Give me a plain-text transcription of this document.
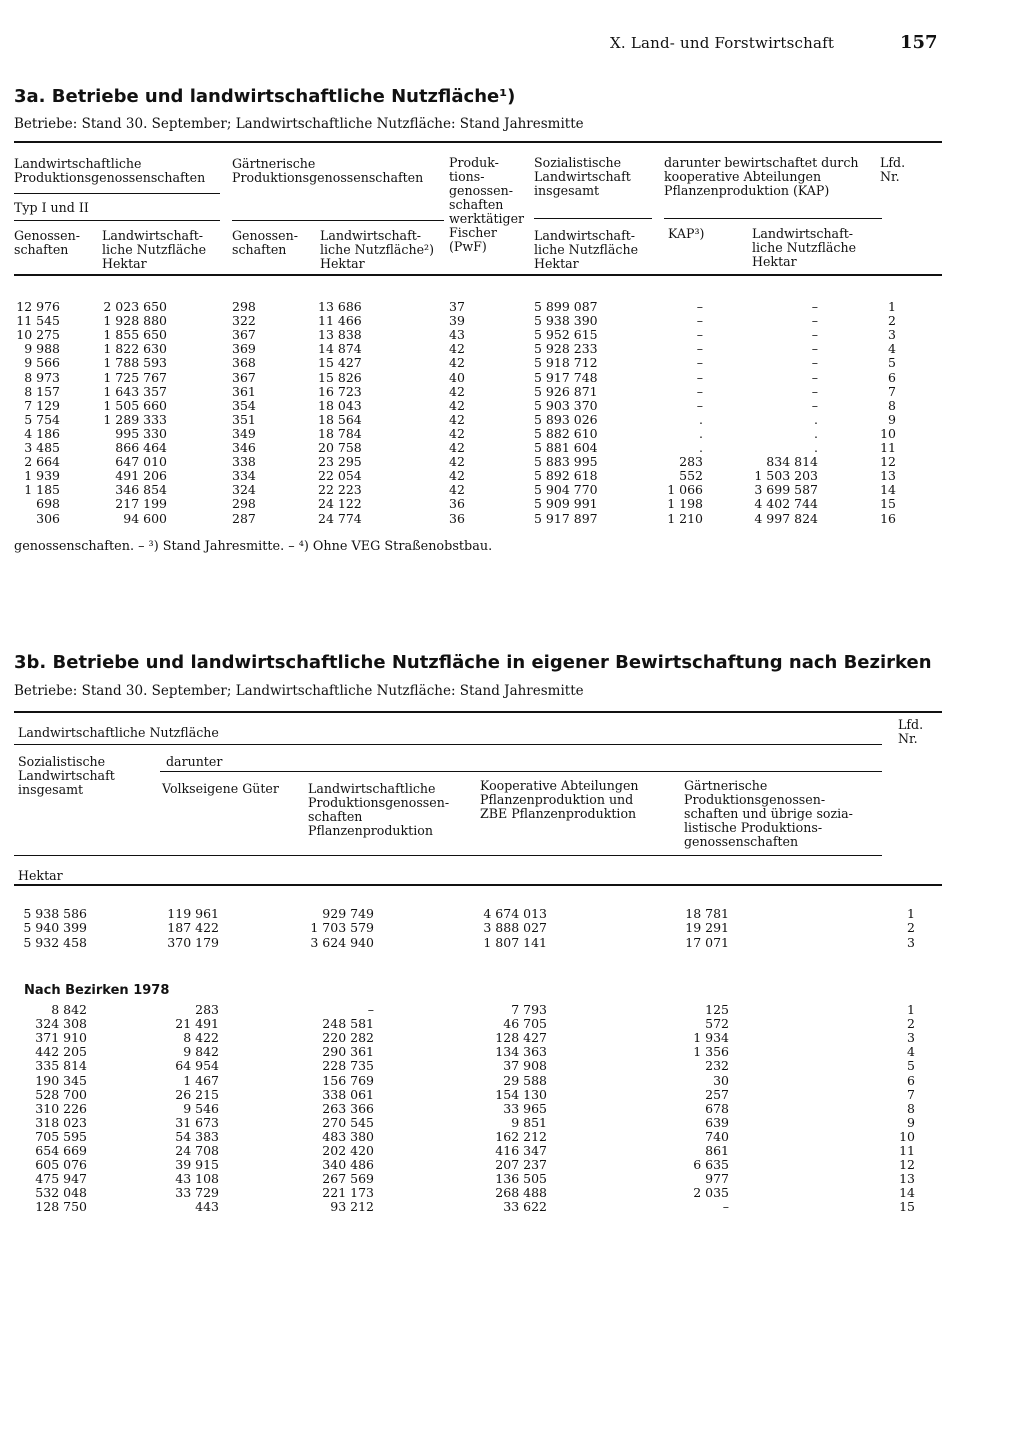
X. Land- und Forstwirtschaft	157
3a. Betriebe und landwirtschaftliche Nutzfläche¹)
Betriebe: Stand 30. September; Landwirtschaftliche Nutzfläche: Stand Jahresmitte
Landwirtschaftliche Produktionsgenossenschaften
Typ I und II
Genossen- schaften
Landwirtschaft- liche Nutzfläche Hektar
Gärtnerische Produktionsgenossenschaften
Genossen- schaften
Landwirtschaft- liche Nutzfläche²) Hektar
Produk- tions- genossen- schaften werktätiger Fischer (PwF)
Sozialistische Landwirtschaft insgesamt
Landwirtschaft- liche Nutzfläche Hektar
darunter bewirtschaftet durch kooperative Abteilungen Pflanzenproduktion (KAP)
KAP³)	Landwirtschaft- liche Nutzfläche Hektar
Lfd. Nr.
12 976	2 023 650	298	13 686	37	5 899 087	–	–	1
11 545	1 928 880	322	11 466	39	5 938 390	–	–	2
10 275	1 855 650	367	13 838	43	5 952 615	–	–	3
9 988	1 822 630	369	14 874	42	5 928 233	–	–	4
9 566	1 788 593	368	15 427	42	5 918 712	–	–	5
8 973	1 725 767	367	15 826	40	5 917 748	–	–	6
8 157	1 643 357	361	16 723	42	5 926 871	–	–	7
7 129	1 505 660	354	18 043	42	5 903 370	–	–	8
5 754	1 289 333	351	18 564	42	5 893 026	.	.	9
4 186	995 330	349	18 784	42	5 882 610	.	.	10
3 485	866 464	346	20 758	42	5 881 604	.	.	11
2 664	647 010	338	23 295	42	5 883 995	283	834 814	12
1 939	491 206	334	22 054	42	5 892 618	552	1 503 203	13
1 185	346 854	324	22 223	42	5 904 770	1 066	3 699 587	14
698	217 199	298	24 122	36	5 909 991	1 198	4 402 744	15
306	94 600	287	24 774	36	5 917 897	1 210	4 997 824	16
genossenschaften. – ³) Stand Jahresmitte. – ⁴) Ohne VEG Straßenobstbau.
3b. Betriebe und landwirtschaftliche Nutzfläche in eigener Bewirtschaftung nach Bezirken
Betriebe: Stand 30. September; Landwirtschaftliche Nutzfläche: Stand Jahresmitte
Landwirtschaftliche Nutzfläche
Sozialistische Landwirtschaft insgesamt
darunter
Volkseigene Güter	Landwirtschaftliche Produktionsgenossen- schaften Pflanzenproduktion
Kooperative Abteilungen Pflanzenproduktion und ZBE Pflanzenproduktion
Gärtnerische Produktionsgenossen- schaften und übrige sozia- listische Produktions- genossenschaften
Lfd. Nr.
Hektar
5 938 586	119 961	929 749	4 674 013	18 781	1
5 940 399	187 422	1 703 579	3 888 027	19 291	2
5 932 458	370 179	3 624 940	1 807 141	17 071	3
Nach Bezirken 1978
8 842	283	–	7 793	125	1
324 308	21 491	248 581	46 705	572	2
371 910	8 422	220 282	128 427	1 934	3
442 205	9 842	290 361	134 363	1 356	4
335 814	64 954	228 735	37 908	232	5
190 345	1 467	156 769	29 588	30	6
528 700	26 215	338 061	154 130	257	7
310 226	9 546	263 366	33 965	678	8
318 023	31 673	270 545	9 851	639	9
705 595	54 383	483 380	162 212	740	10
654 669	24 708	202 420	416 347	861	11
605 076	39 915	340 486	207 237	6 635	12
475 947	43 108	267 569	136 505	977	13
532 048	33 729	221 173	268 488	2 035	14
128 750	443	93 212	33 622	–	15
